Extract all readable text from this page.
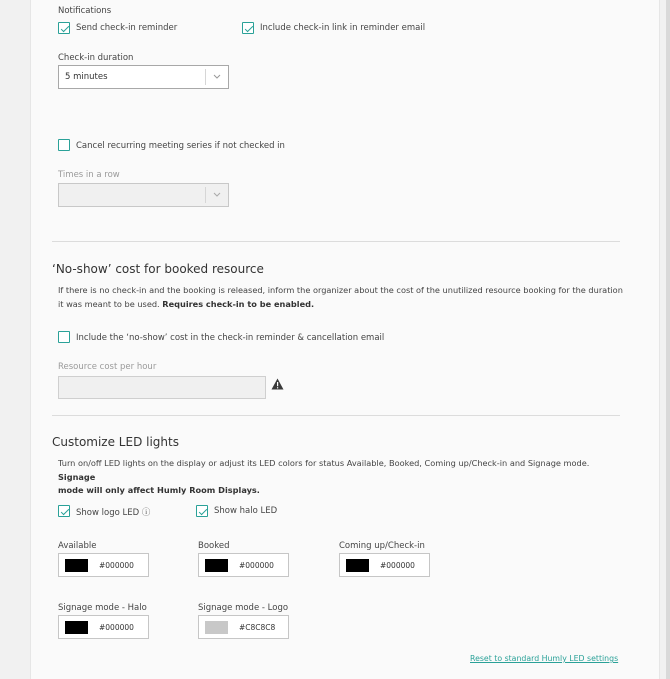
Notifications
Send check-in reminder	Include check-in link in reminder email
Check-in duration
5 minutes
Cancel recurring meeting series if not checked in
Times in a row
‘No-show’ cost for booked resource
If there is no check-in and the booking is released, inform the organizer about the cost of the unutilized resource booking for the duration
it was meant to be used. Requires check-in to be enabled.
Include the ‘no-show’ cost in the check-in reminder & cancellation email
Resource cost per hour
Customize LED lights
Turn on/off LED lights on the display or adjust its LED colors for status Available, Booked, Coming up/Check-in and Signage mode. Signage
mode will only affect Humly Room Displays.
Show logo LED ⓘ	Show halo LED
Available
#000000
Booked
#000000
Coming up/Check-in
#000000
Signage mode - Halo
#000000
Signage mode - Logo
#C8C8C8
Reset to standard Humly LED settings
